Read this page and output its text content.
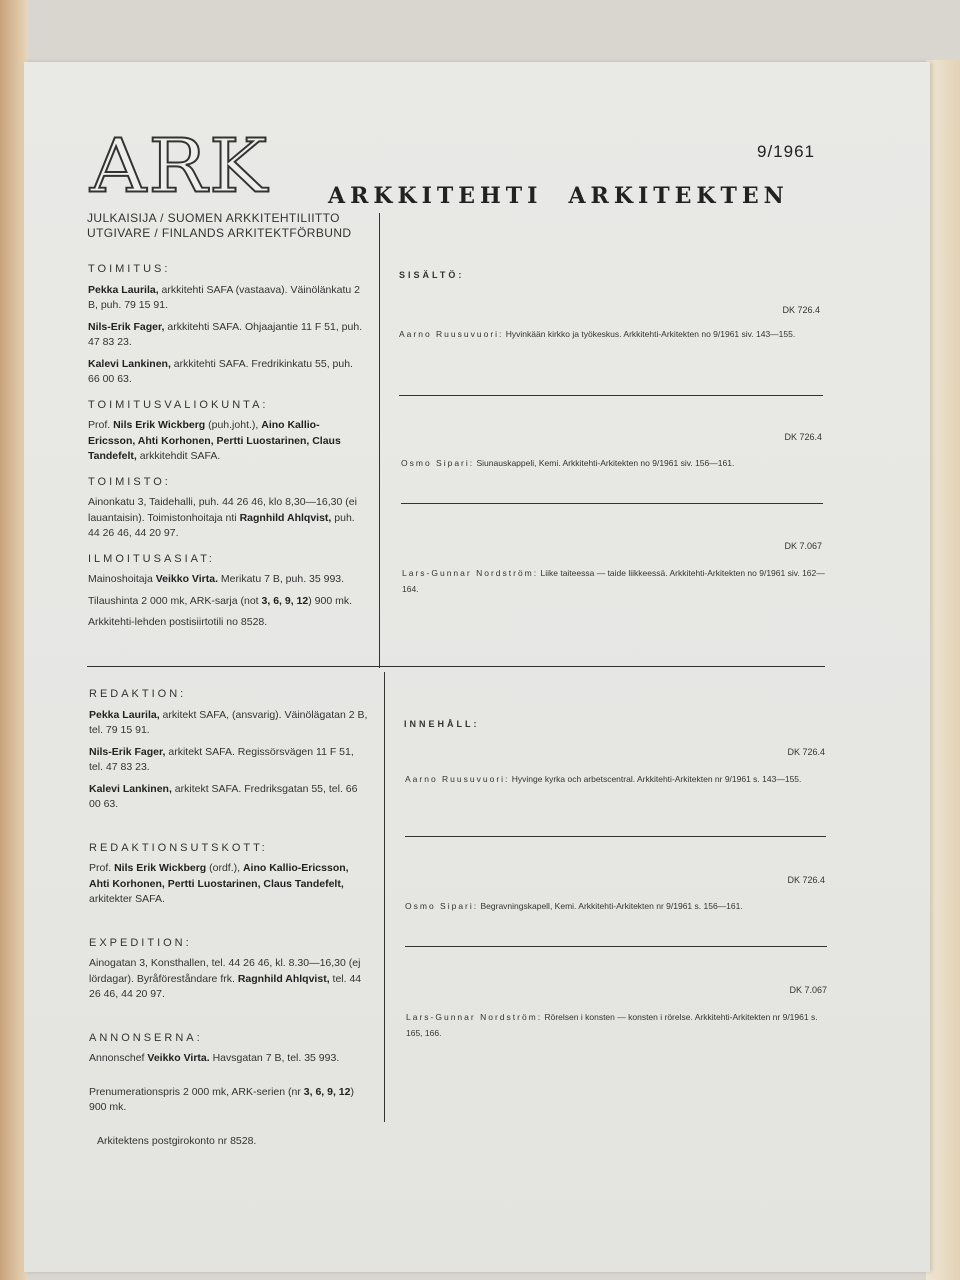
ARK	9/1961
ARKKITEHTI ARKITEKTEN
JULKAISIJA / SUOMEN ARKKITEHTILIITTO
UTGIVARE / FINLANDS ARKITEKTFÖRBUND
TOIMITUS:
Pekka Laurila, arkkitehti SAFA (vastaava). Väinölänkatu 2 B, puh. 79 15 91.
Nils-Erik Fager, arkkitehti SAFA. Ohjaajantie 11 F 51, puh. 47 83 23.
Kalevi Lankinen, arkkitehti SAFA. Fredrikinkatu 55, puh. 66 00 63.
TOIMITUSVALIOKUNTA:
Prof. Nils Erik Wickberg (puh.joht.), Aino Kallio-Ericsson, Ahti Korhonen, Pertti Luostarinen, Claus Tandefelt, arkkitehdit SAFA.
TOIMISTO:
Ainonkatu 3, Taidehalli, puh. 44 26 46, klo 8,30—16,30 (ei lauantaisin). Toimistonhoitaja nti Ragnhild Ahlqvist, puh. 44 26 46, 44 20 97.
ILMOITUSASIAT:
Mainoshoitaja Veikko Virta. Merikatu 7 B, puh. 35 993.
Tilaushinta 2 000 mk, ARK-sarja (not 3, 6, 9, 12) 900 mk.
Arkkitehti-lehden postisiirtotili no 8528.
REDAKTION:
Pekka Laurila, arkitekt SAFA, (ansvarig). Väinölägatan 2 B, tel. 79 15 91.
Nils-Erik Fager, arkitekt SAFA. Regissörsvägen 11 F 51, tel. 47 83 23.
Kalevi Lankinen, arkitekt SAFA. Fredriksgatan 55, tel. 66 00 63.
REDAKTIONSUTSKOTT:
Prof. Nils Erik Wickberg (ordf.), Aino Kallio-Ericsson, Ahti Korhonen, Pertti Luostarinen, Claus Tandefelt, arkitekter SAFA.
EXPEDITION:
Ainogatan 3, Konsthallen, tel. 44 26 46, kl. 8.30—16,30 (ej lördagar). Byråföreståndare frk. Ragnhild Ahlqvist, tel. 44 26 46, 44 20 97.
ANNONSERNA:
Annonschef Veikko Virta. Havsgatan 7 B, tel. 35 993.
Prenumerationspris 2 000 mk, ARK-serien (nr 3, 6, 9, 12) 900 mk.
Arkitektens postgirokonto nr 8528.
SISÄLTÖ:
DK 726.4
Aarno Ruusuvuori: Hyvinkään kirkko ja työkeskus. Arkkitehti-Arkitekten no 9/1961 siv. 143—155.
DK 726.4
Osmo Sipari: Siunauskappeli, Kemi. Arkkitehti-Arkitekten no 9/1961 siv. 156—161.
DK 7.067
Lars-Gunnar Nordström: Liike taiteessa — taide liikkeessä. Arkkitehti-Arkitekten no 9/1961 siv. 162—164.
INNEHÅLL:
DK 726.4
Aarno Ruusuvuori: Hyvinge kyrka och arbetscentral. Arkkitehti-Arkitekten nr 9/1961 s. 143—155.
DK 726.4
Osmo Sipari: Begravningskapell, Kemi. Arkkitehti-Arkitekten nr 9/1961 s. 156—161.
DK 7.067
Lars-Gunnar Nordström: Rörelsen i konsten — konsten i rörelse. Arkkitehti-Arkitekten nr 9/1961 s. 165, 166.
